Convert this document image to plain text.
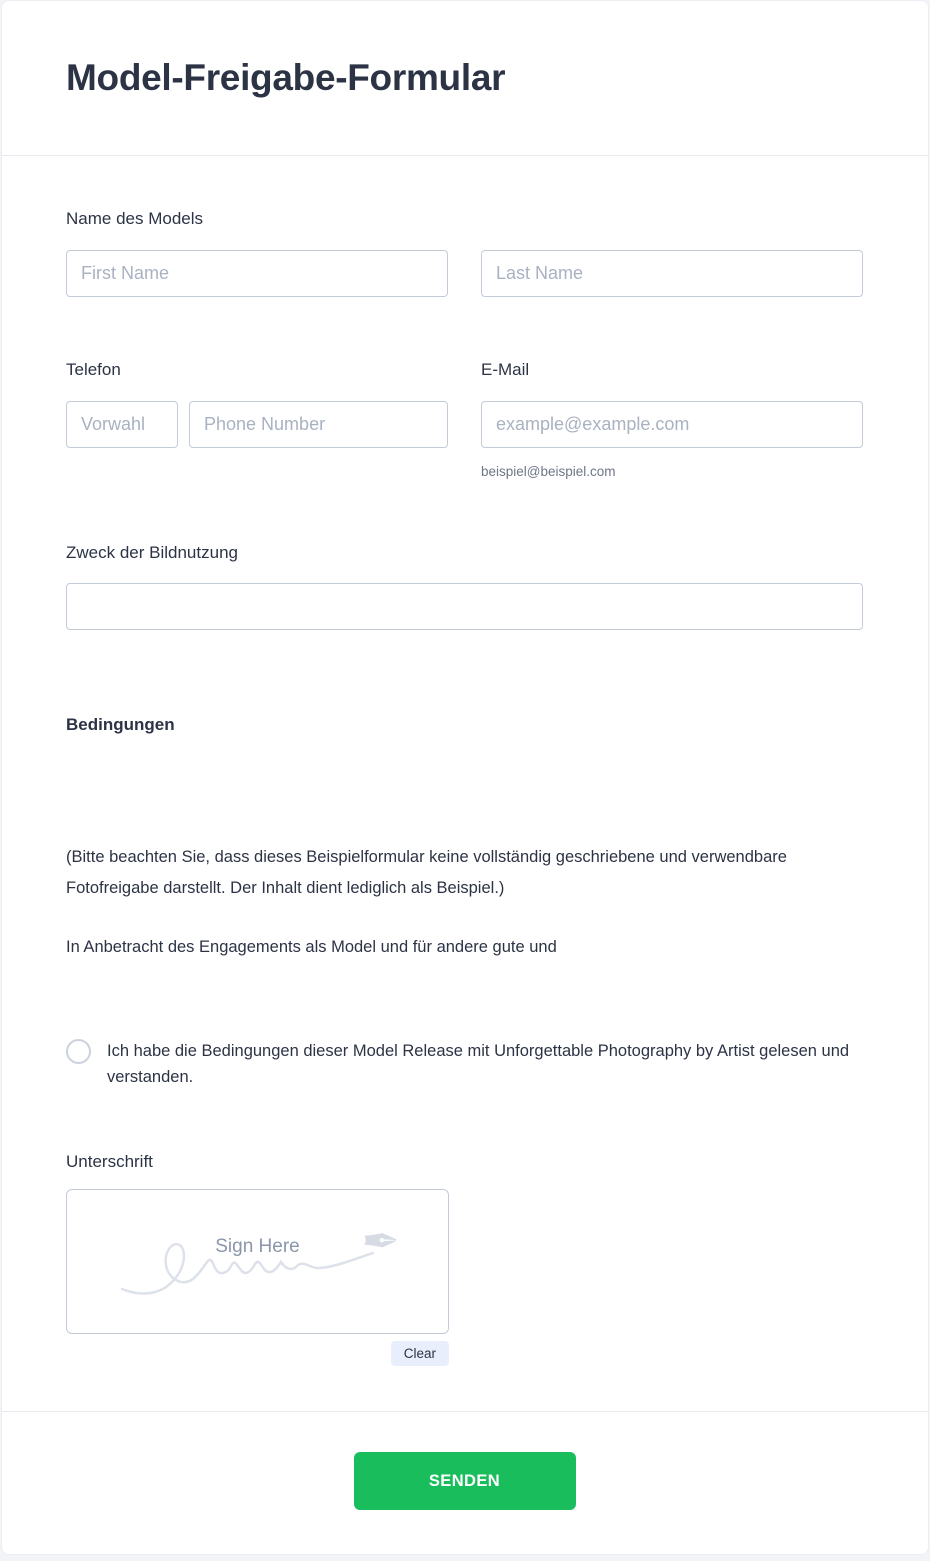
Model-Freigabe-Formular
Name des Models
First Name
Last Name
Telefon
Vorwahl
Phone Number	E-Mail
example@example.com
beispiel@beispiel.com
Zweck der Bildnutzung
Bedingungen

(Bitte beachten Sie, dass dieses Beispielformular keine vollständig geschriebene und verwendbare Fotofreigabe darstellt. Der Inhalt dient lediglich als Beispiel.)

In Anbetracht des Engagements als Model und für andere gute und

Ich habe die Bedingungen dieser Model Release mit Unforgettable Photography by Artist gelesen und verstanden.
Unterschrift
✒
Sign Here
Clear
SENDEN
